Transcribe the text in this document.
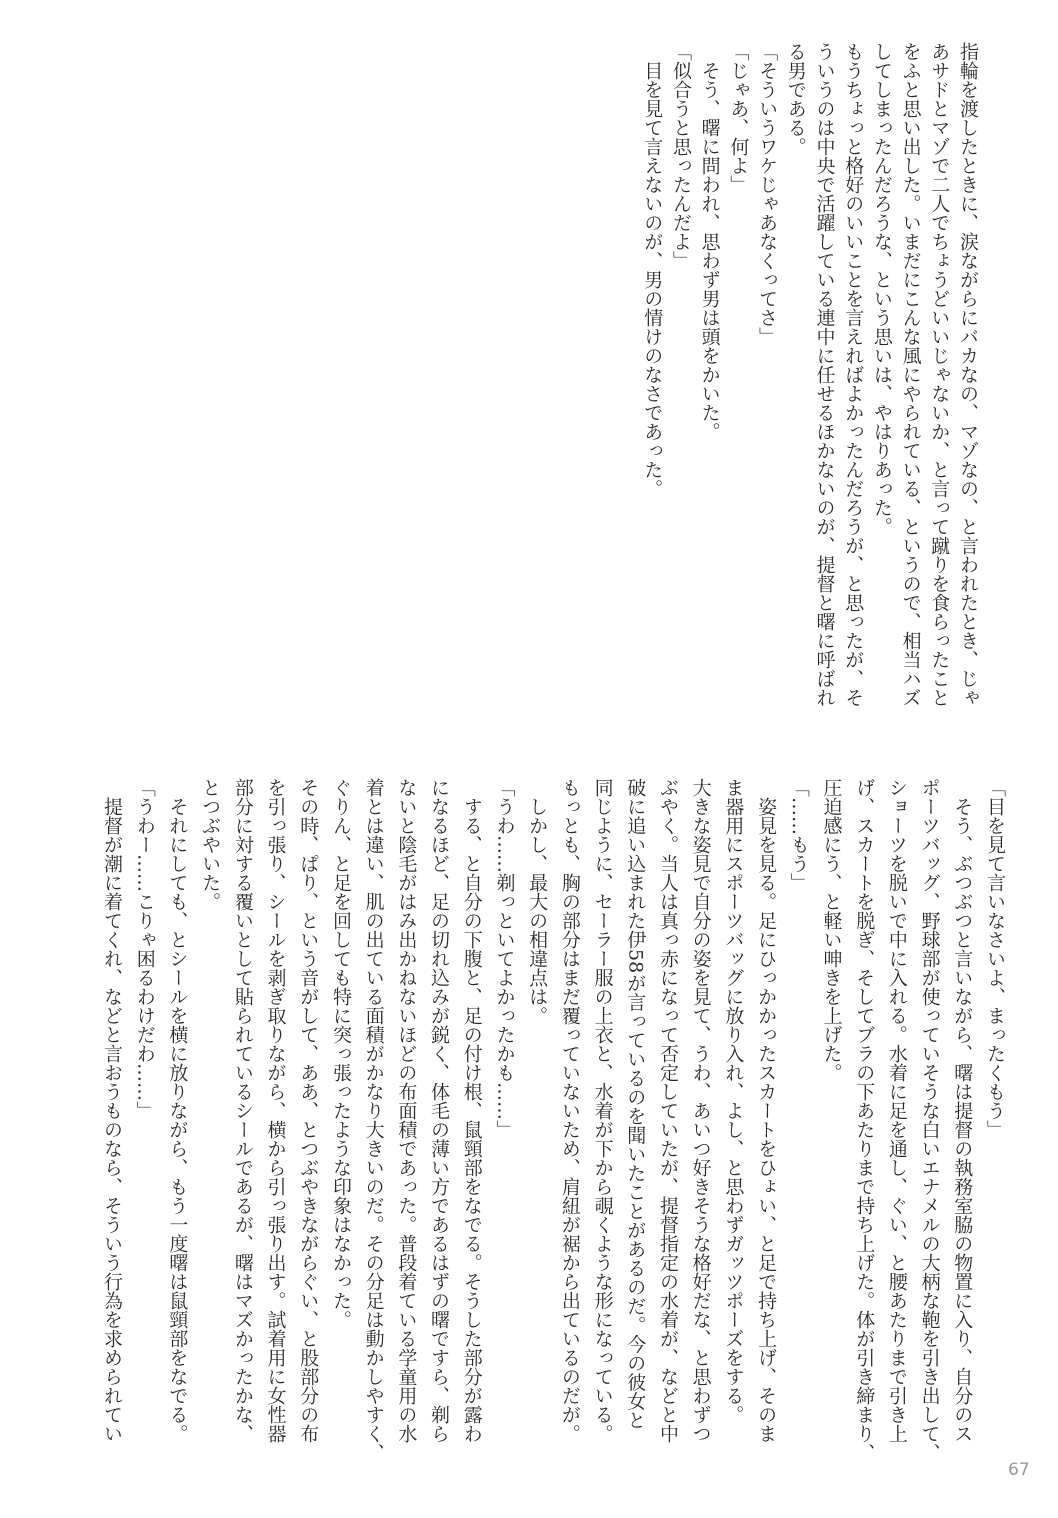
指輪を渡したときに、涙ながらにバカなの、マゾなの、と言われたとき、じゃ
あサドとマゾで二人でちょうどいいじゃないか、と言って蹴りを食らったこと
をふと思い出した。いまだにこんな風にやられている、というので、相当ハズ
してしまったんだろうな、という思いは、やはりあった。
もうちょっと格好のいいことを言えればよかったんだろうが、と思ったが、そ
ういうのは中央で活躍している連中に任せるほかないのが、提督と曙に呼ばれ
る男である。
「そういうワケじゃあなくってさ」
「じゃあ、何よ」
　そう、曙に問われ、思わず男は頭をかいた。
「似合うと思ったんだよ」
　目を見て言えないのが、男の情けのなさであった。
「目を見て言いなさいよ、まったくもう」
　そう、ぶつぶつと言いながら、曙は提督の執務室脇の物置に入り、自分のス
ポーツバッグ、野球部が使っていそうな白いエナメルの大柄な鞄を引き出して、
ショーツを脱いで中に入れる。水着に足を通し、ぐい、と腰あたりまで引き上
げ、スカートを脱ぎ、そしてブラの下あたりまで持ち上げた。体が引き締まり、
圧迫感にう、と軽い呻きを上げた。
「……もう」
　姿見を見る。足にひっかかったスカートをひょい、と足で持ち上げ、そのま
ま器用にスポーツバッグに放り入れ、よし、と思わずガッツポーズをする。
大きな姿見で自分の姿を見て、うわ、あいつ好きそうな格好だな、と思わずつ
ぶやく。当人は真っ赤になって否定していたが、提督指定の水着が、などと中
破に追い込まれた伊58が言っているのを聞いたことがあるのだ。今の彼女と
同じように、セーラー服の上衣と、水着が下から覗くような形になっている。
もっとも、胸の部分はまだ覆っていないため、肩紐が裾から出ているのだが。
　しかし、最大の相違点は。
「うわ……剃っといてよかったかも……」
　する、と自分の下腹と、足の付け根、鼠頸部をなでる。そうした部分が露わ
になるほど、足の切れ込みが鋭く、体毛の薄い方であるはずの曙ですら、剃ら
ないと陰毛がはみ出かねないほどの布面積であった。普段着ている学童用の水
着とは違い、肌の出ている面積がかなり大きいのだ。その分足は動かしやすく、
ぐりん、と足を回しても特に突っ張ったような印象はなかった。
その時、ぱり、という音がして、ああ、とつぶやきながらぐい、と股部分の布
を引っ張り、シールを剥ぎ取りながら、横から引っ張り出す。試着用に女性器
部分に対する覆いとして貼られているシールであるが、曙はマズかったかな、
とつぶやいた。
　それにしても、とシールを横に放りながら、もう一度曙は鼠頸部をなでる。
「うわー……こりゃ困るわけだわ……」
　提督が潮に着てくれ、などと言おうものなら、そういう行為を求められてい
67
